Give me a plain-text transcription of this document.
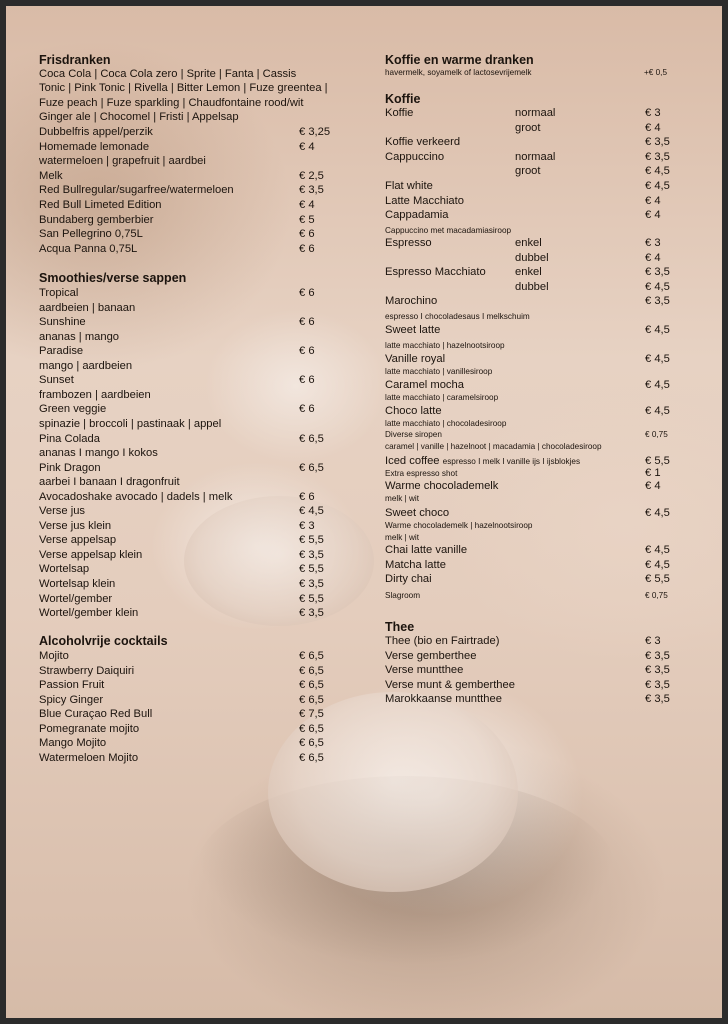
Frisdranken
Coca Cola | Coca Cola zero | Sprite | Fanta | Cassis
Tonic | Pink Tonic | Rivella | Bitter Lemon | Fuze greentea |
Fuze peach | Fuze sparkling | Chaudfontaine rood/wit
Ginger ale | Chocomel | Fristi | Appelsap
Dubbelfris appel/perzik	€ 3,25
Homemade lemonade	€ 4
watermeloen | grapefruit | aardbei
Melk	€ 2,5
Red Bullregular/sugarfree/watermeloen	€ 3,5
Red Bull Limeted Edition	€ 4
Bundaberg gemberbier	€ 5
San Pellegrino 0,75L	€ 6
Acqua Panna 0,75L	€ 6
Smoothies/verse sappen
Tropical	€ 6
aardbeien | banaan
Sunshine	€ 6
ananas | mango
Paradise	€ 6
mango | aardbeien
Sunset	€ 6
frambozen | aardbeien
Green veggie	€ 6
spinazie | broccoli | pastinaak | appel
Pina Colada	€ 6,5
ananas I mango I kokos
Pink Dragon	€ 6,5
aarbei I banaan I dragonfruit
Avocadoshake avocado | dadels | melk	€ 6
Verse jus	€ 4,5
Verse jus klein	€ 3
Verse appelsap	€ 5,5
Verse appelsap klein	€ 3,5
Wortelsap	€ 5,5
Wortelsap klein	€ 3,5
Wortel/gember	€ 5,5
Wortel/gember klein	€ 3,5
Alcoholvrije cocktails
Mojito	€ 6,5
Strawberry Daiquiri	€ 6,5
Passion Fruit	€ 6,5
Spicy Ginger	€ 6,5
Blue Curaçao Red Bull	€ 7,5
Pomegranate mojito	€ 6,5
Mango Mojito	€ 6,5
Watermeloen Mojito	€ 6,5
Koffie en warme dranken
havermelk, soyamelk of lactosevrijemelk	+€ 0,5
Koffie
Koffie	normaal	€ 3
groot	€ 4
Koffie verkeerd	€ 3,5
Cappuccino	normaal	€ 3,5
groot	€ 4,5
Flat white	€ 4,5
Latte Macchiato	€ 4
Cappadamia	€ 4
Cappuccino met macadamiasiroop
Espresso	enkel	€ 3
dubbel	€ 4
Espresso Macchiato	enkel	€ 3,5
dubbel	€ 4,5
Marochino	€ 3,5
espresso I chocoladesaus I melkschuim
Sweet latte	€ 4,5
latte macchiato | hazelnootsiroop
Vanille royal	€ 4,5
latte macchiato | vanillesiroop
Caramel mocha	€ 4,5
latte macchiato | caramelsiroop
Choco latte	€ 4,5
latte macchiato | chocoladesiroop
Diverse siropen	€ 0,75
caramel | vanille | hazelnoot | macadamia | chocoladesiroop
Iced coffee espresso I melk I vanille ijs I ijsblokjes	€ 5,5
Extra espresso shot	€ 1
Warme chocolademelk	€ 4
melk | wit
Sweet choco	€ 4,5
Warme chocolademelk | hazelnootsiroop
melk | wit
Chai latte vanille	€ 4,5
Matcha latte	€ 4,5
Dirty chai	€ 5,5
Slagroom	€ 0,75
Thee
Thee (bio en Fairtrade)	€ 3
Verse gemberthee	€ 3,5
Verse muntthee	€ 3,5
Verse munt & gemberthee	€ 3,5
Marokkaanse muntthee	€ 3,5
